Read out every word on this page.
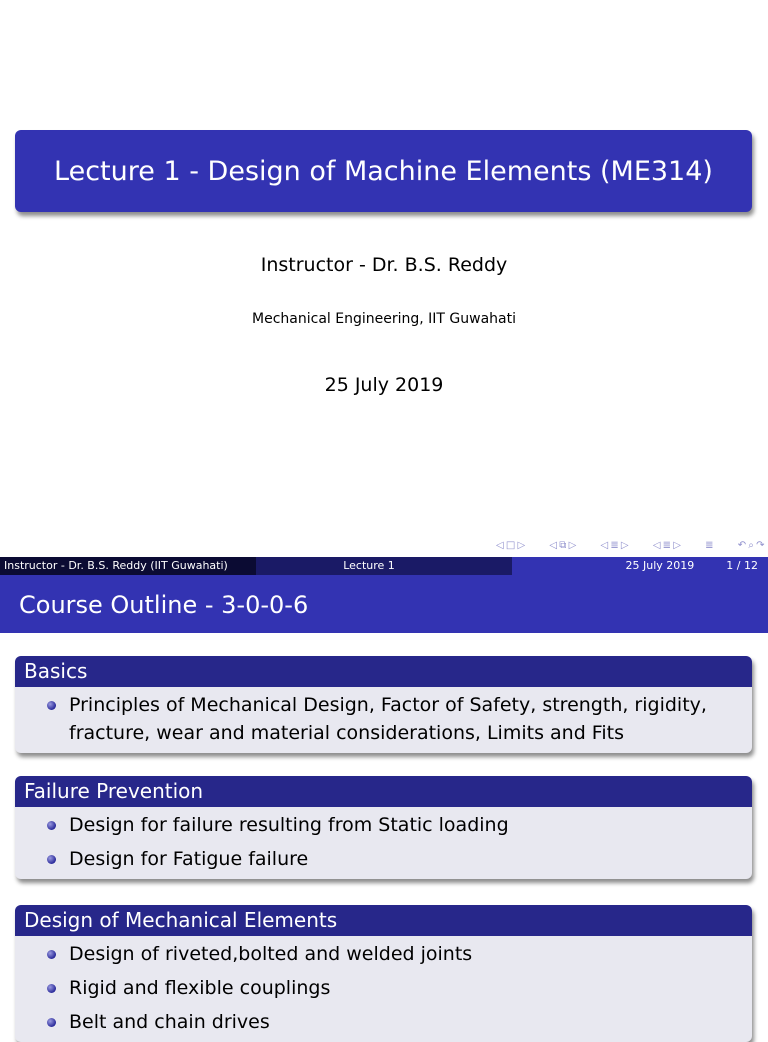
Lecture 1 - Design of Machine Elements (ME314)
Instructor - Dr. B.S. Reddy
Mechanical Engineering, IIT Guwahati
25 July 2019
◁ □ ▷ ◁ ⧉ ▷ ◁ ≣ ▷ ◁ ≣ ▷ ≣ ↶ ⌕ ↷
Instructor - Dr. B.S. Reddy (IIT Guwahati)	Lecture 1	25 July 2019	1 / 12
Course Outline - 3-0-0-6
Basics
Principles of Mechanical Design, Factor of Safety, strength, rigidity, fracture, wear and material considerations, Limits and Fits
Failure Prevention
Design for failure resulting from Static loading
Design for Fatigue failure
Design of Mechanical Elements
Design of riveted,bolted and welded joints
Rigid and flexible couplings
Belt and chain drives
